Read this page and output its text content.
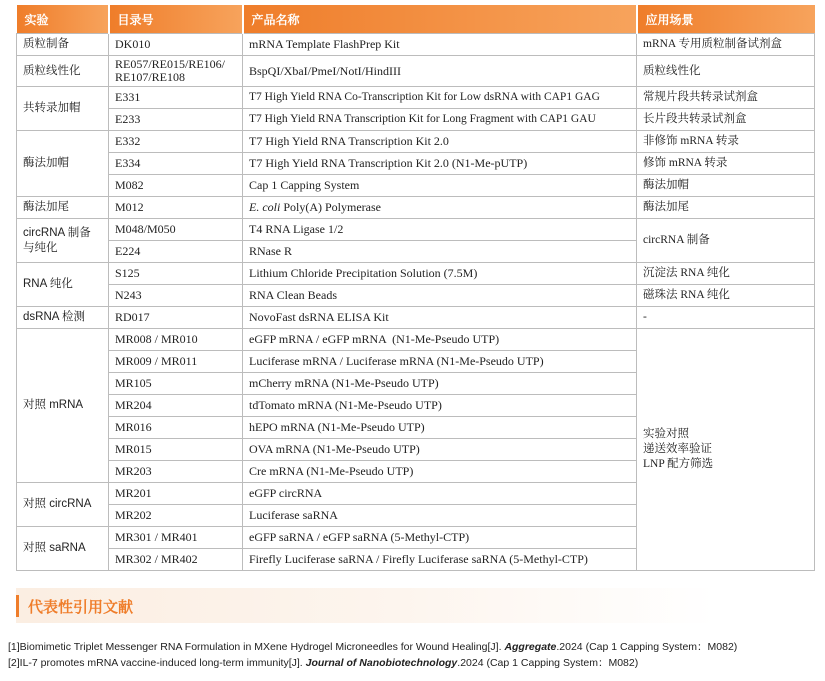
实验	目录号	产品名称	应用场景
质粒制备	DK010	mRNA Template FlashPrep Kit	mRNA 专用质粒制备试剂盒
质粒线性化	RE057/RE015/RE106/
RE107/RE108	BspQI/XbaI/PmeI/NotI/HindIII	质粒线性化
共转录加帽	E331	T7 High Yield RNA Co-Transcription Kit for Low dsRNA with CAP1 GAG	常规片段共转录试剂盒
	E233	T7 High Yield RNA Transcription Kit for Long Fragment with CAP1 GAU	长片段共转录试剂盒
酶法加帽	E332	T7 High Yield RNA Transcription Kit 2.0	非修饰 mRNA 转录
	E334	T7 High Yield RNA Transcription Kit 2.0 (N1-Me-pUTP)	修饰 mRNA 转录
	M082	Cap 1 Capping System	酶法加帽
酶法加尾	M012	E. coli Poly(A) Polymerase	酶法加尾
circRNA 制备
与纯化	M048/M050	T4 RNA Ligase 1/2	circRNA 制备
	E224	RNase R	
RNA 纯化	S125	Lithium Chloride Precipitation Solution (7.5M)	沉淀法 RNA 纯化
	N243	RNA Clean Beads	磁珠法 RNA 纯化
dsRNA 检测	RD017	NovoFast dsRNA ELISA Kit	-
对照 mRNA	MR008 / MR010	eGFP mRNA / eGFP mRNA  (N1-Me-Pseudo UTP)	实验对照
递送效率验证
LNP 配方筛选
	MR009 / MR011	Luciferase mRNA / Luciferase mRNA (N1-Me-Pseudo UTP)	
	MR105	mCherry mRNA (N1-Me-Pseudo UTP)	
	MR204	tdTomato mRNA (N1-Me-Pseudo UTP)	
	MR016	hEPO mRNA (N1-Me-Pseudo UTP)	
	MR015	OVA mRNA (N1-Me-Pseudo UTP)	
	MR203	Cre mRNA (N1-Me-Pseudo UTP)	
对照 circRNA	MR201	eGFP circRNA	
	MR202	Luciferase saRNA	
对照 saRNA	MR301 / MR401	eGFP saRNA / eGFP saRNA (5-Methyl-CTP)	
	MR302 / MR402	Firefly Luciferase saRNA / Firefly Luciferase saRNA (5-Methyl-CTP)	
代表性引用文献
[1]Biomimetic Triplet Messenger RNA Formulation in MXene Hydrogel Microneedles for Wound Healing[J]. Aggregate.2024 (Cap 1 Capping System：M082)
[2]IL-7 promotes mRNA vaccine-induced long-term immunity[J]. Journal of Nanobiotechnology.2024 (Cap 1 Capping System：M082)
